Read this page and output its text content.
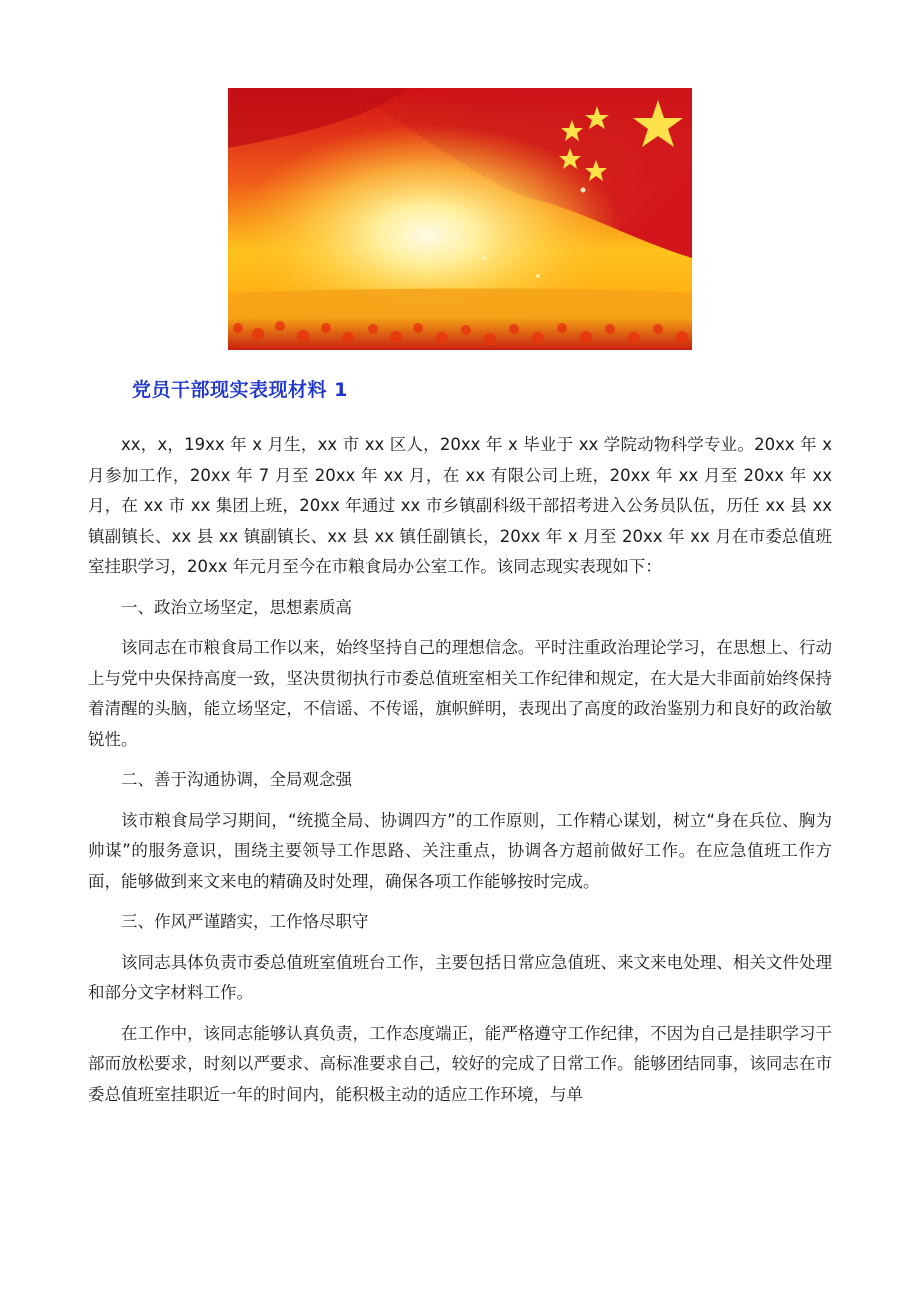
党员干部现实表现材料 1

xx，x，19xx 年 x 月生，xx 市 xx 区人，20xx 年 x 毕业于 xx 学院动物科学专业。20xx 年 x 月参加工作，20xx 年 7 月至 20xx 年 xx 月，在 xx 有限公司上班，20xx 年 xx 月至 20xx 年 xx 月，在 xx 市 xx 集团上班，20xx 年通过 xx 市乡镇副科级干部招考进入公务员队伍，历任 xx 县 xx 镇副镇长、xx 县 xx 镇副镇长、xx 县 xx 镇任副镇长，20xx 年 x 月至 20xx 年 xx 月在市委总值班室挂职学习，20xx 年元月至今在市粮食局办公室工作。该同志现实表现如下：

一、政治立场坚定，思想素质高

该同志在市粮食局工作以来，始终坚持自己的理想信念。平时注重政治理论学习，在思想上、行动上与党中央保持高度一致，坚决贯彻执行市委总值班室相关工作纪律和规定，在大是大非面前始终保持着清醒的头脑，能立场坚定，不信谣、不传谣，旗帜鲜明，表现出了高度的政治鉴别力和良好的政治敏锐性。

二、善于沟通协调，全局观念强

该市粮食局学习期间，“统揽全局、协调四方”的工作原则，工作精心谋划，树立“身在兵位、胸为帅谋”的服务意识，围绕主要领导工作思路、关注重点，协调各方超前做好工作。在应急值班工作方面，能够做到来文来电的精确及时处理，确保各项工作能够按时完成。

三、作风严谨踏实，工作恪尽职守

该同志具体负责市委总值班室值班台工作，主要包括日常应急值班、来文来电处理、相关文件处理和部分文字材料工作。

在工作中，该同志能够认真负责，工作态度端正，能严格遵守工作纪律，不因为自己是挂职学习干部而放松要求，时刻以严要求、高标准要求自己，较好的完成了日常工作。能够团结同事，该同志在市委总值班室挂职近一年的时间内，能积极主动的适应工作环境，与单
